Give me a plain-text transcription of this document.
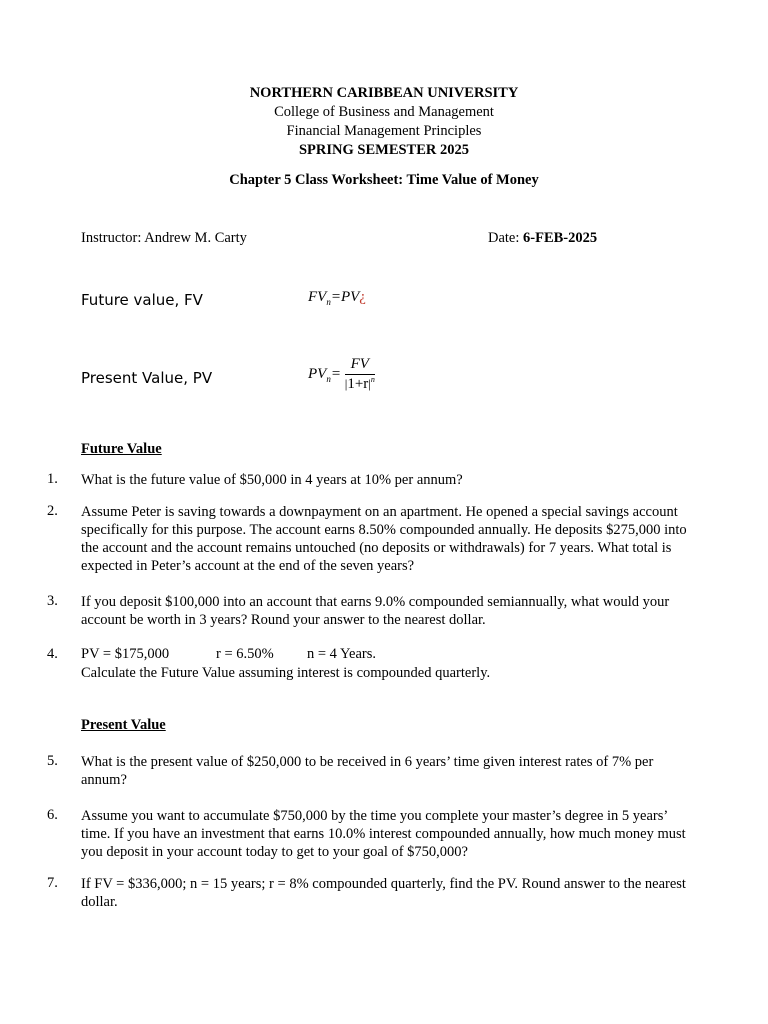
NORTHERN CARIBBEAN UNIVERSITY
College of Business and Management
Financial Management Principles
SPRING SEMESTER 2025
Chapter 5 Class Worksheet: Time Value of Money
Instructor: Andrew M. Carty	Date: 6-FEB-2025
Future value, FV	$FV_n=PV¿$
Present Value, PV	$PV_n= \frac{FV}{|1+r|^n}$
Future Value
1. What is the future value of $50,000 in 4 years at 10% per annum?
2. Assume Peter is saving towards a downpayment on an apartment. He opened a special savings account specifically for this purpose. The account earns 8.50% compounded annually. He deposits $275,000 into the account and the account remains untouched (no deposits or withdrawals) for 7 years. What total is expected in Peter’s account at the end of the seven years?
3. If you deposit $100,000 into an account that earns 9.0% compounded semiannually, what would your account be worth in 3 years? Round your answer to the nearest dollar.
4. PV = $175,000	r = 6.50% n = 4 Years.
Calculate the Future Value assuming interest is compounded quarterly.
Present Value
5. What is the present value of $250,000 to be received in 6 years’ time given interest rates of 7% per annum?
6. Assume you want to accumulate $750,000 by the time you complete your master’s degree in 5 years’ time. If you have an investment that earns 10.0% interest compounded annually, how much money must you deposit in your account today to get to your goal of $750,000?
7. If FV = $336,000; n = 15 years; r = 8% compounded quarterly, find the PV. Round answer to the nearest dollar.
